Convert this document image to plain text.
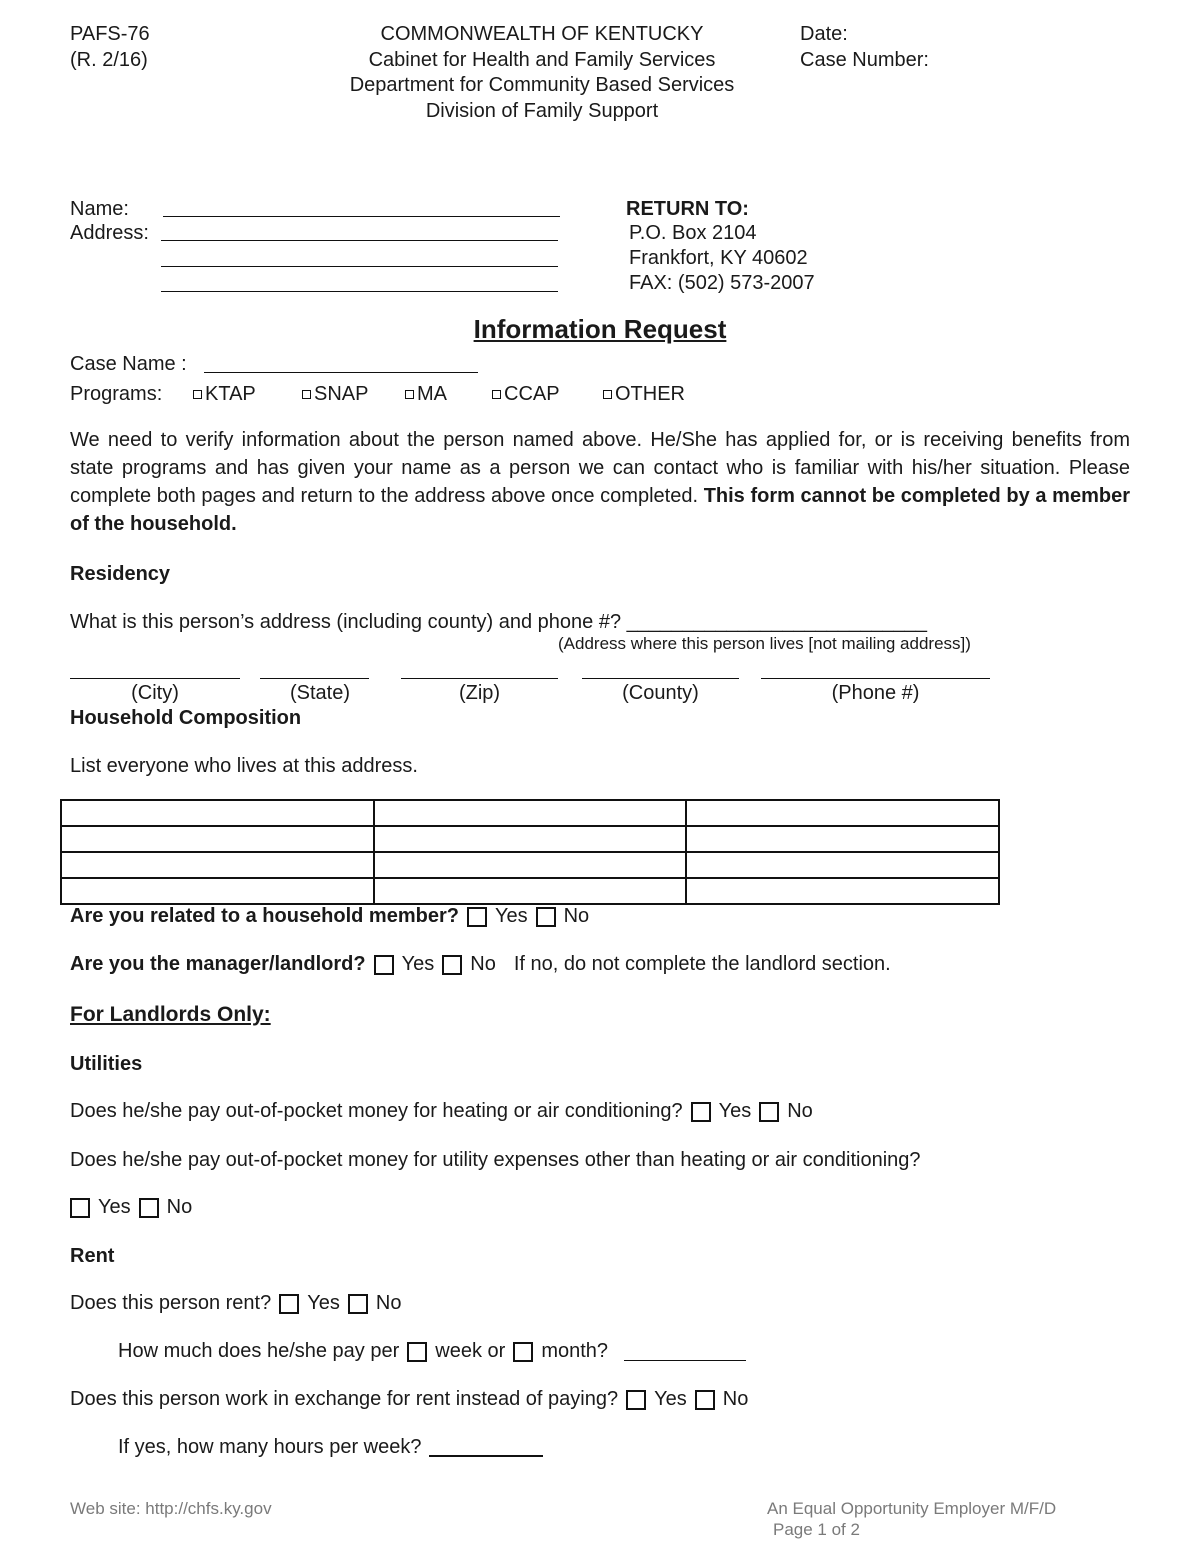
PAFS-76
(R. 2/16)
COMMONWEALTH OF KENTUCKY
Cabinet for Health and Family Services
Department for Community Based Services
Division of Family Support
Date:
Case Number:
Name:
Address:
RETURN TO:
P.O. Box 2104
Frankfort, KY 40602
FAX: (502) 573-2007
Information Request
Case Name :
Programs:	KTAP	SNAP	MA	CCAP	OTHER
We need to verify information about the person named above. He/She has applied for, or is receiving benefits from state programs and has given your name as a person we can contact who is familiar with his/her situation. Please complete both pages and return to the address above once completed. This form cannot be completed by a member of the household.
Residency
What is this person’s address (including county) and phone #? ___________________________
(Address where this person lives [not mailing address])
(City)	(State)	(Zip)	(County)	(Phone #)
Household Composition
List everyone who lives at this address.

Are you related to a household member? Yes No
Are you the manager/landlord? Yes No If no, do not complete the landlord section.
For Landlords Only:
Utilities
Does he/she pay out-of-pocket money for heating or air conditioning? Yes No
Does he/she pay out-of-pocket money for utility expenses other than heating or air conditioning?
Yes No
Rent
Does this person rent? Yes No
How much does he/she pay per week or month?
Does this person work in exchange for rent instead of paying? Yes No
If yes, how many hours per week?
Web site: http://chfs.ky.gov	An Equal Opportunity Employer M/F/D
Page 1 of 2
